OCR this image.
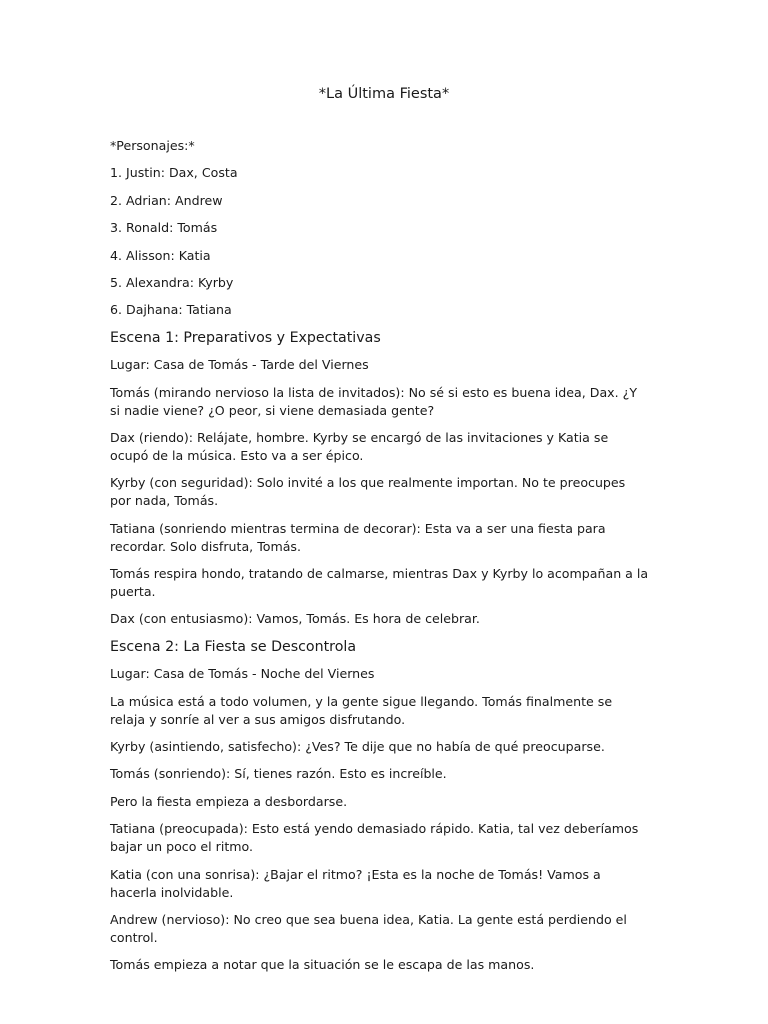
*La Última Fiesta*
*Personajes:*
1. Justin: Dax, Costa
2. Adrian: Andrew
3. Ronald: Tomás
4. Alisson: Katia
5. Alexandra: Kyrby
6. Dajhana: Tatiana
Escena 1: Preparativos y Expectativas
Lugar: Casa de Tomás - Tarde del Viernes
Tomás (mirando nervioso la lista de invitados): No sé si esto es buena idea, Dax. ¿Y si nadie viene? ¿O peor, si viene demasiada gente?
Dax (riendo): Relájate, hombre. Kyrby se encargó de las invitaciones y Katia se ocupó de la música. Esto va a ser épico.
Kyrby (con seguridad): Solo invité a los que realmente importan. No te preocupes por nada, Tomás.
Tatiana (sonriendo mientras termina de decorar): Esta va a ser una fiesta para recordar. Solo disfruta, Tomás.
Tomás respira hondo, tratando de calmarse, mientras Dax y Kyrby lo acompañan a la puerta.
Dax (con entusiasmo): Vamos, Tomás. Es hora de celebrar.
Escena 2: La Fiesta se Descontrola
Lugar: Casa de Tomás - Noche del Viernes
La música está a todo volumen, y la gente sigue llegando. Tomás finalmente se relaja y sonríe al ver a sus amigos disfrutando.
Kyrby (asintiendo, satisfecho): ¿Ves? Te dije que no había de qué preocuparse.
Tomás (sonriendo): Sí, tienes razón. Esto es increíble.
Pero la fiesta empieza a desbordarse.
Tatiana (preocupada): Esto está yendo demasiado rápido. Katia, tal vez deberíamos bajar un poco el ritmo.
Katia (con una sonrisa): ¿Bajar el ritmo? ¡Esta es la noche de Tomás! Vamos a hacerla inolvidable.
Andrew (nervioso): No creo que sea buena idea, Katia. La gente está perdiendo el control.
Tomás empieza a notar que la situación se le escapa de las manos.
